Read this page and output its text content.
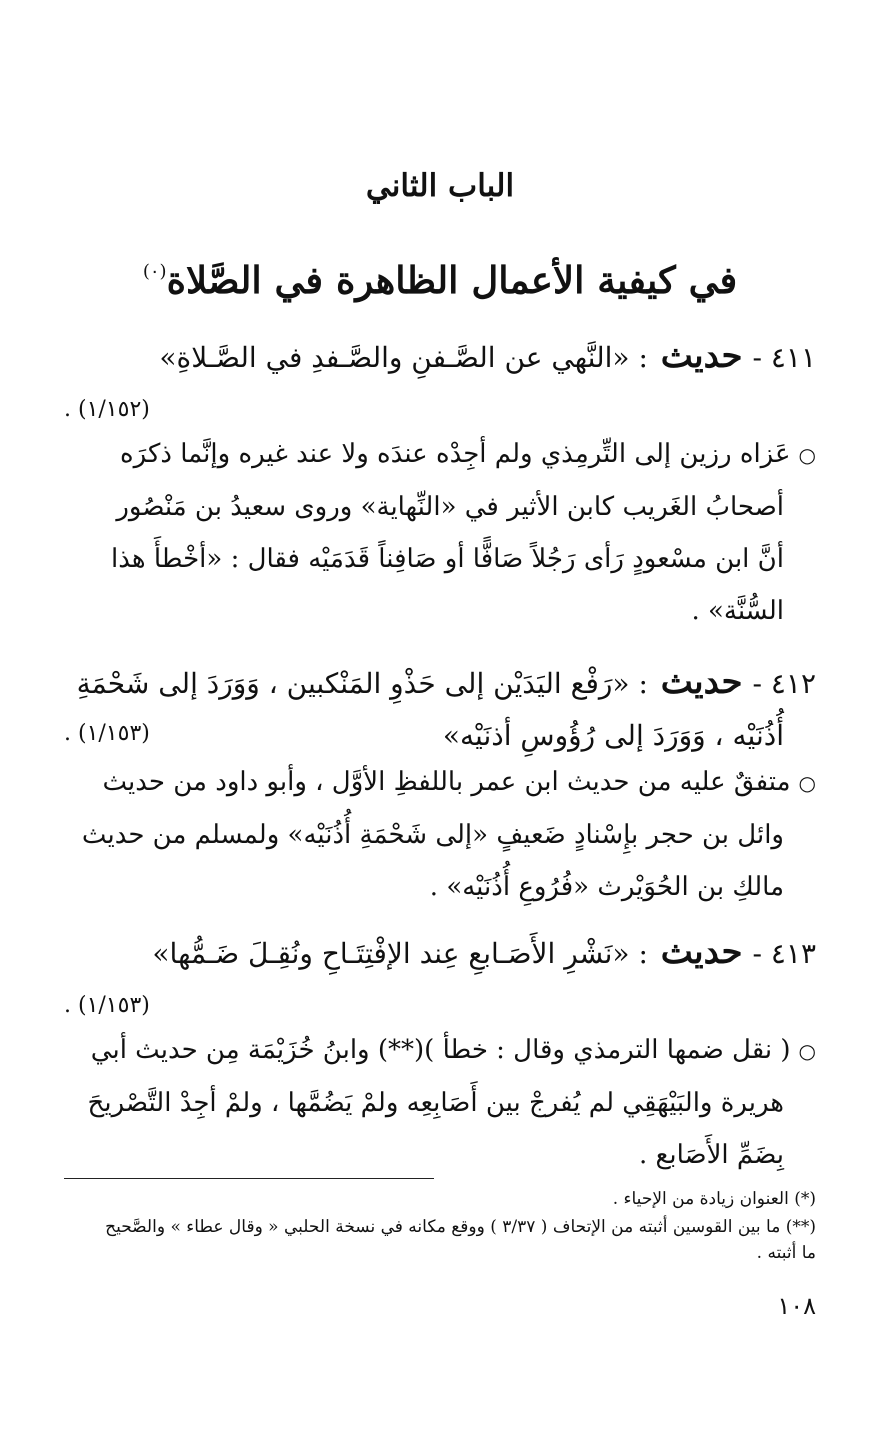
الباب الثاني
في كيفية الأعمال الظاهرة في الصَّلاة$^{(٠)}$
٤١١ -حديث : «النَّهي عن الصَّـفنِ والصَّـفدِ في الصَّـلاةِ»
(١/١٥٢) .
○عَزاه رزين إلى التِّرمِذي ولم أجِدْه عندَه ولا عند غيره وإنَّما ذكرَه
أصحابُ الغَريب كابن الأثير في «النِّهاية» وروى سعيدُ بن مَنْصُور
أنَّ ابن مسْعودٍ رَأى رَجُلاً صَافًّا أو صَافِناً قَدَمَيْه فقال : «أخْطأَ هذا
السُّنَّة» .
٤١٢ -حديث : «رَفْع اليَدَيْن إلى حَذْوِ المَنْكبين ، وَوَرَدَ إلى شَحْمَةِ
أُذُنَيْه ، وَوَرَدَ إلى رُؤُوسِ أذنَيْه»
(١/١٥٣) .
○متفقٌ عليه من حديث ابن عمر باللفظِ الأوَّل ، وأبو داود من حديث
وائل بن حجر بإِسْنادٍ ضَعيفٍ «إلى شَحْمَةِ أُذُنَيْه» ولمسلم من حديث
مالكِ بن الحُوَيْرث «فُرُوعِ أُذُنَيْه» .
٤١٣ -حديث : «نَشْرِ الأَصَـابعِ عِند الإفْتِتَـاحِ ونُقِـلَ ضَـمُّها»
(١/١٥٣) .
○( نقل ضمها الترمذي وقال : خطأ )(**) وابنُ خُزَيْمَة مِن حديث أبي
هريرة والبَيْهَقِي لم يُفرجْ بين أَصَابِعِه ولمْ يَضُمَّها ، ولمْ أجِدْ التَّصْريحَ
بِضَمِّ الأَصَابع .
(*) العنوان زيادة من الإحياء .
(**) ما بين القوسين أثبته من الإتحاف ( ٣/٣٧ ) ووقع مكانه في نسخة الحلبي « وقال عطاء » والصَّحيح
ما أثبته .
١٠٨
